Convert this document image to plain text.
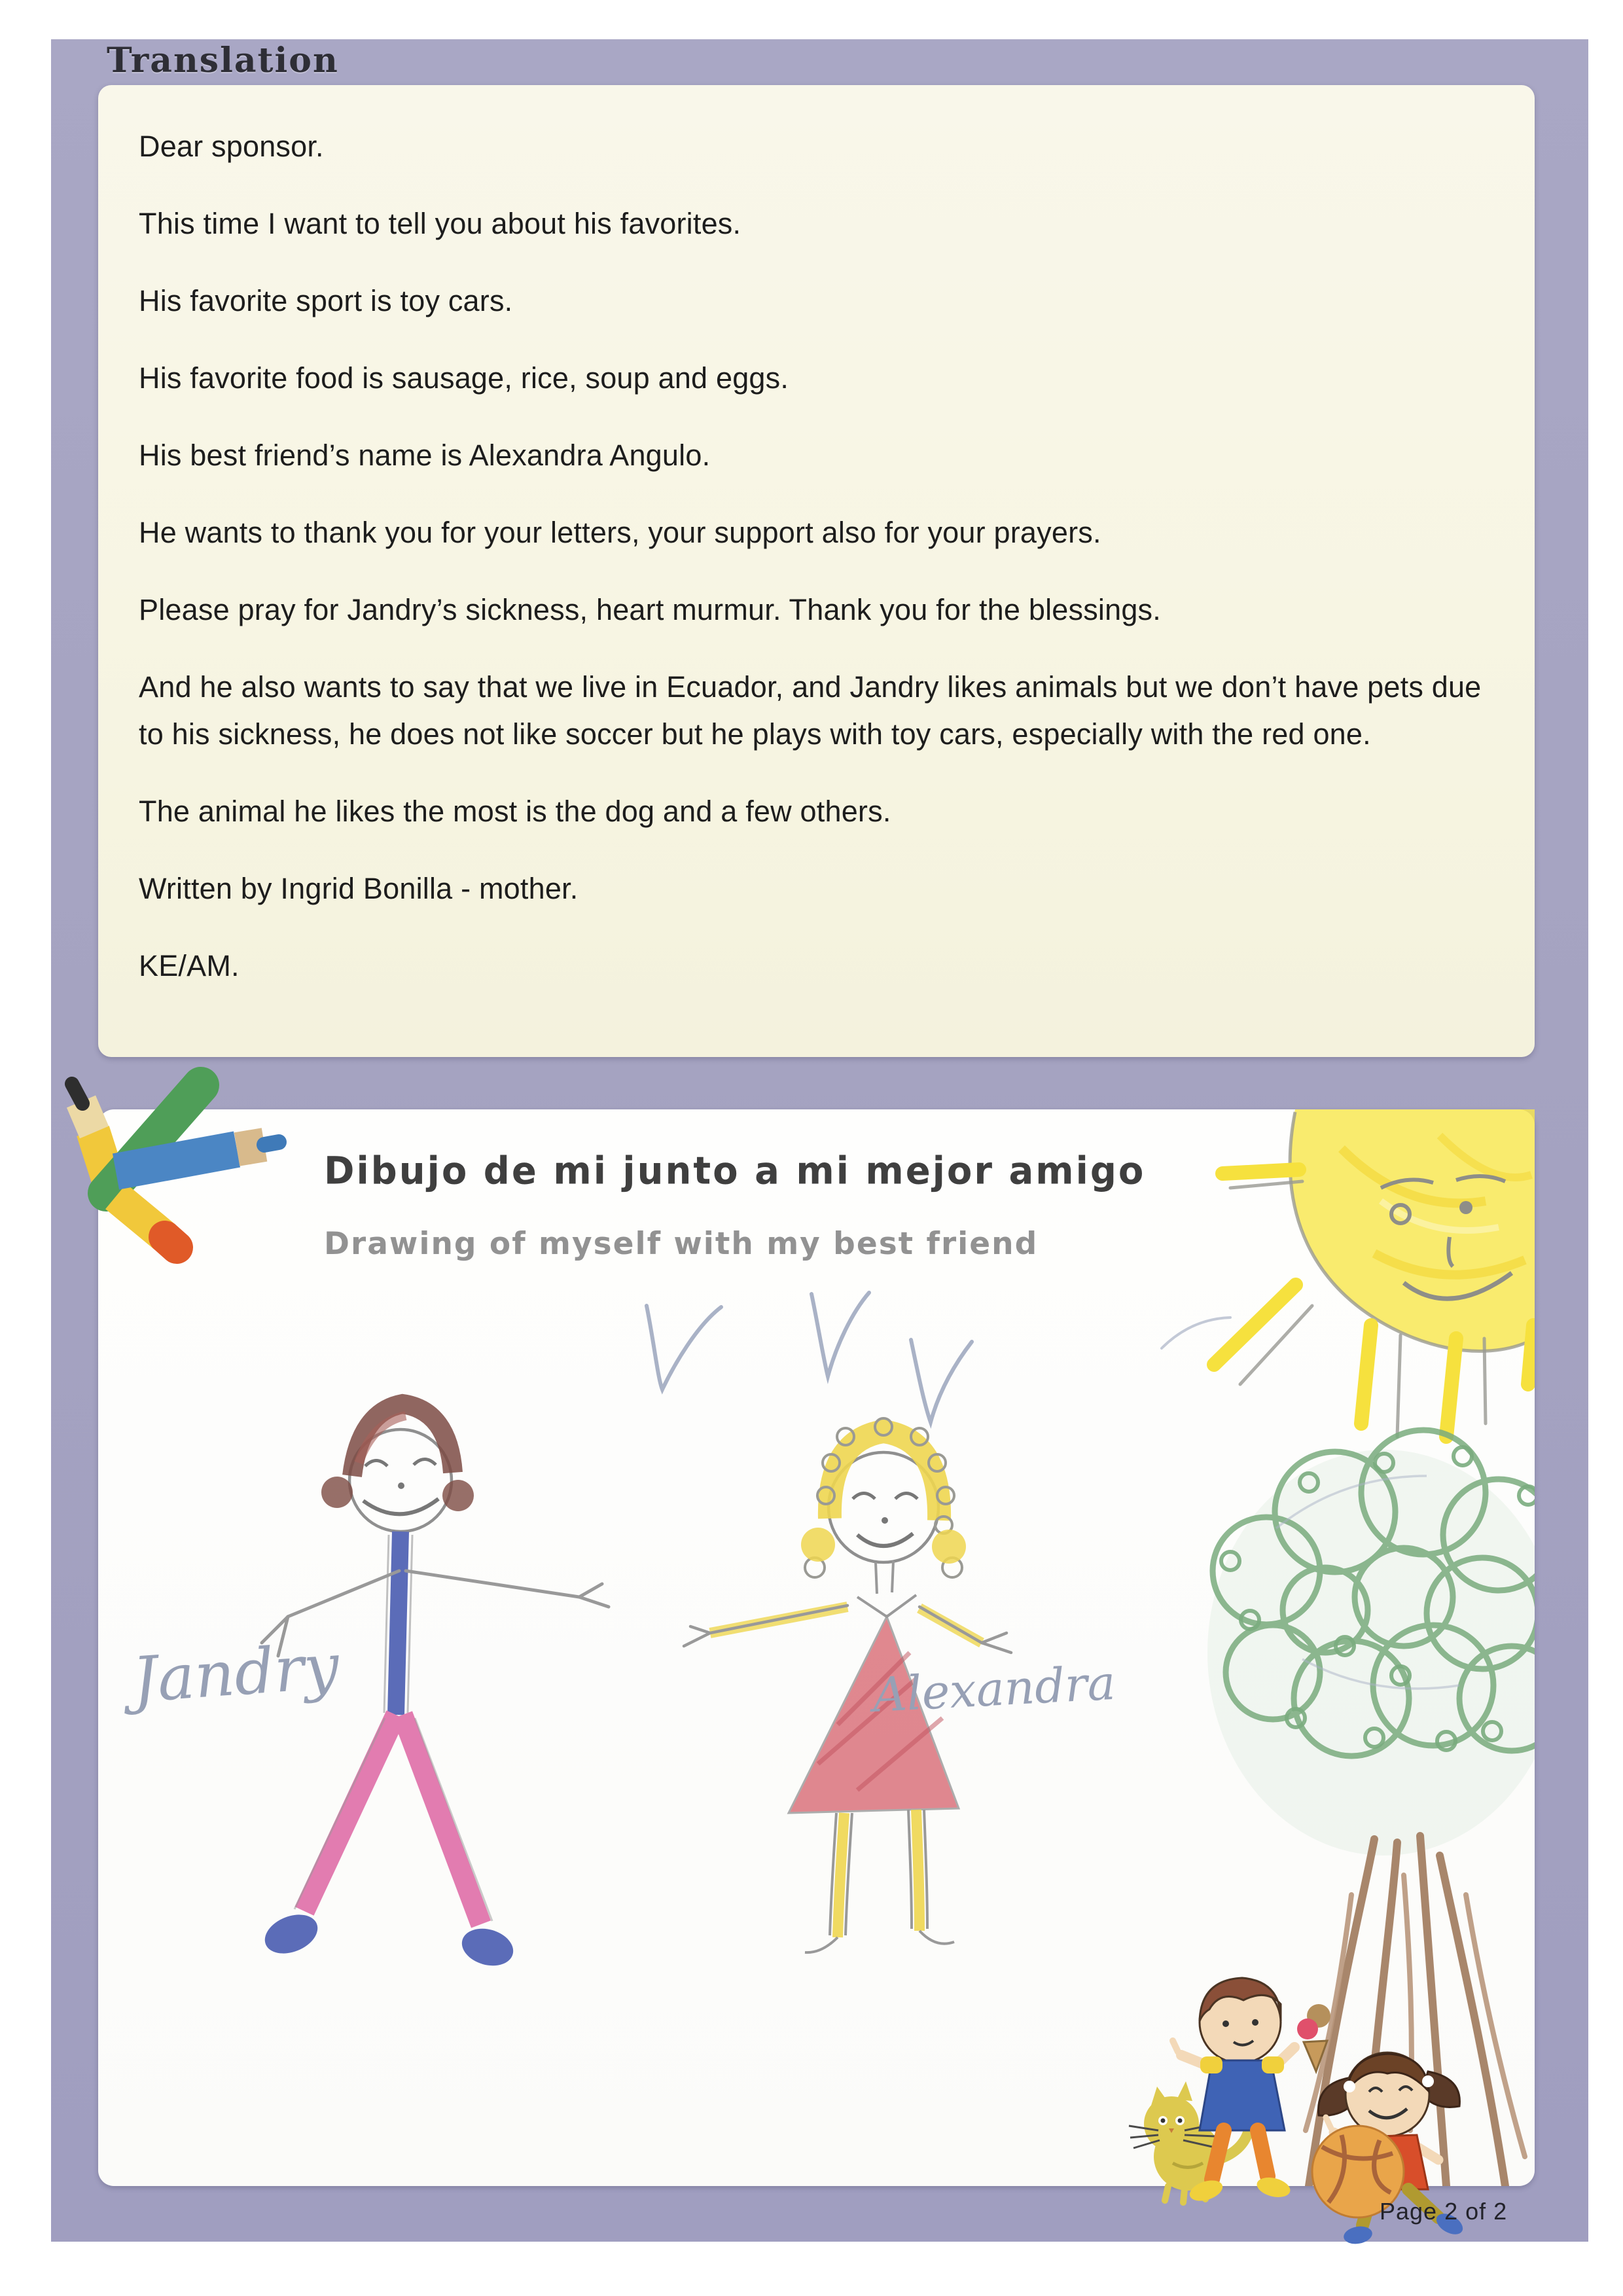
Translation

Dear sponsor.

This time I want to tell you about his favorites.

His favorite sport is toy cars.

His favorite food is sausage, rice, soup and eggs.

His best friend’s name is Alexandra Angulo.

He wants to thank you for your letters, your support also for your prayers.

Please pray for Jandry’s sickness, heart murmur. Thank you for the blessings.

And he also wants to say that we live in Ecuador, and Jandry likes animals but we don’t have pets due to his sickness, he does not like soccer but he plays with toy cars, especially with the red one.

The animal he likes the most is the dog and a few others.

Written by Ingrid Bonilla - mother.

KE/AM.

Dibujo de mi junto a mi mejor amigo
Drawing of myself with my best friend
Jandry	Alexandra
Page 2 of 2
